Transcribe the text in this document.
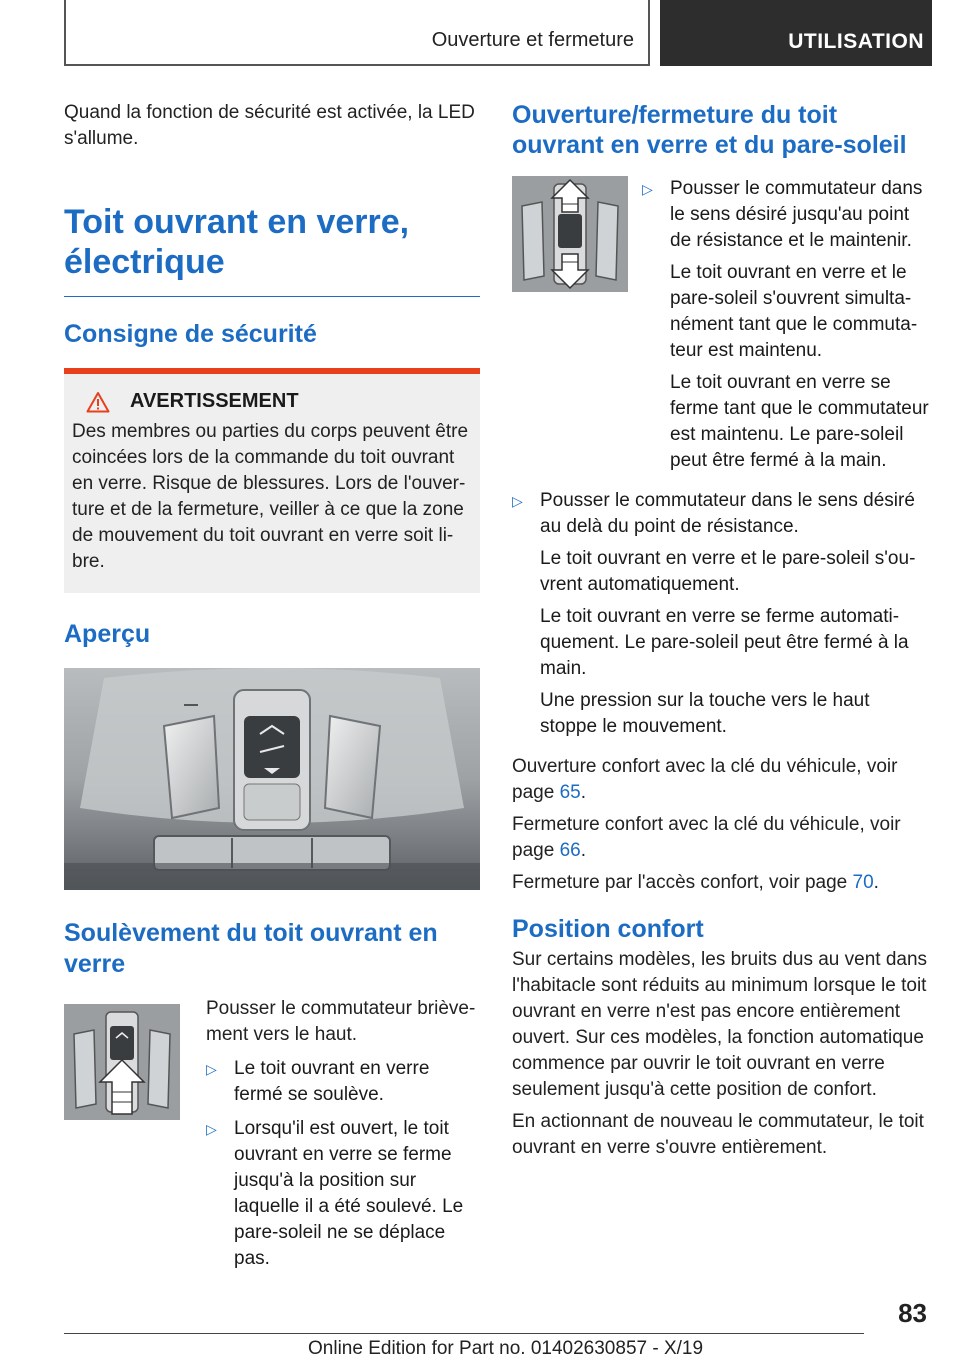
Ouverture et fermeture	UTILISATION

Quand la fonction de sécurité est activée, la LED s'allume.

Toit ouvrant en verre, électrique
Consigne de sécurité
AVERTISSEMENT

Des membres ou parties du corps peuvent être coincées lors de la commande du toit ouvrant en verre. Risque de blessures. Lors de l'ouverture et de la fermeture, veiller à ce que la zone de mouvement du toit ouvrant en verre soit libre.

Aperçu
Soulèvement du toit ouvrant en verre

Pousser le commutateur brièvement vers le haut.

▷ Le toit ouvrant en verre fermé se soulève.
▷ Lorsqu'il est ouvert, le toit ouvrant en verre se ferme jusqu'à la position sur laquelle il a été soulevé. Le pare-soleil ne se déplace pas.
Ouverture/fermeture du toit ouvrant en verre et du pare-soleil
▷ Pousser le commutateur dans le sens désiré jusqu'au point de résistance et le maintenir.

Le toit ouvrant en verre et le pare-soleil s'ouvrent simultanément tant que le commutateur est maintenu.

Le toit ouvrant en verre se ferme tant que le commutateur est maintenu. Le pare-soleil peut être fermé à la main.

▷ Pousser le commutateur dans le sens désiré au delà du point de résistance.

Le toit ouvrant en verre et le pare-soleil s'ouvrent automatiquement.

Le toit ouvrant en verre se ferme automatiquement. Le pare-soleil peut être fermé à la main.

Une pression sur la touche vers le haut stoppe le mouvement.

Ouverture confort avec la clé du véhicule, voir page 65.

Fermeture confort avec la clé du véhicule, voir page 66.

Fermeture par l'accès confort, voir page 70.

Position confort

Sur certains modèles, les bruits dus au vent dans l'habitacle sont réduits au minimum lorsque le toit ouvrant en verre n'est pas encore entièrement ouvert. Sur ces modèles, la fonction automatique commence par ouvrir le toit ouvrant en verre seulement jusqu'à cette position de confort.

En actionnant de nouveau le commutateur, le toit ouvrant en verre s'ouvre entièrement.

83
Online Edition for Part no. 01402630857 - X/19
